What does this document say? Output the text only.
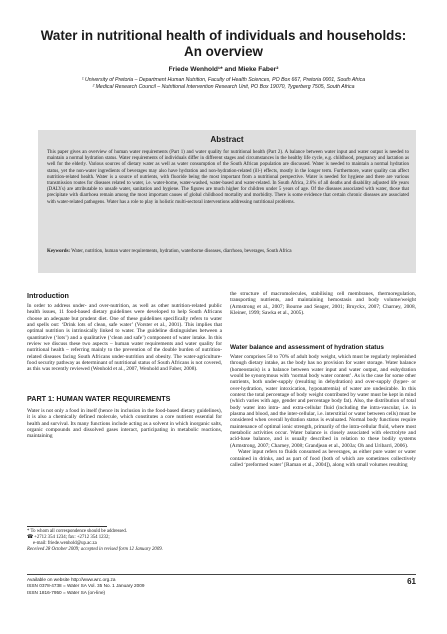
Water in nutritional health of individuals and households:
An overview
Friede Wenhold¹* and Mieke Faber²
¹ University of Pretoria – Department Human Nutrition, Faculty of Health Sciences, PO Box 667, Pretoria 0001, South Africa
² Medical Research Council – Nutritional Intervention Research Unit, PO Box 19070, Tygerberg 7505, South Africa
Abstract
This paper gives an overview of human water requirements (Part 1) and water quality for nutritional health (Part 2). A balance between water input and water output is needed to maintain a normal hydration status. Water requirements of individuals differ in different stages and circumstances in the healthy life cycle, e.g. childhood, pregnancy and lactation as well for the elderly. Various sources of dietary water as well as water consumption of the South African population are discussed. Water is needed to maintain a normal hydration status, yet the non-water ingredients of beverages may also have hydration and non-hydration-related (ill-) effects, mostly in the longer term. Furthermore, water quality can affect nutrition-related health. Water is a source of nutrients, with fluoride being the most important from a nutritional perspective. Water is needed for hygiene and there are various transmission routes for diseases related to water, i.e. water-borne, water-washed, water-based and water-related. In South Africa, 2.6% of all deaths and disability adjusted life years (DALYs) are attributable to unsafe water, sanitation and hygiene. The figures are much higher for children under 5 years of age. Of the diseases associated with water, those that precipitate with diarrhoea remain among the most important causes of global childhood mortality and morbidity. There is some evidence that certain chronic diseases are associated with water-related pathogens. Water has a role to play in holistic multi-sectoral interventions addressing nutritional problems.
Keywords: Water, nutrition, human water requirements, hydration, waterborne diseases, diarrhoea, beverages, South Africa
Introduction
In order to address under- and over-nutrition, as well as other nutrition-related public health issues, 11 food-based dietary guidelines were developed to help South Africans choose an adequate but prudent diet. One of these guidelines specifically refers to water and spells out: ‘Drink lots of clean, safe water’ (Vorster et al., 2001). This implies that optimal nutrition is intrinsically linked to water. The guideline distinguishes between a quantitative (‘lots’) and a qualitative (‘clean and safe’) component of water intake. In this review we discuss these two aspects – human water requirements and water quality for nutritional health – referring mainly to the prevention of the double burden of nutrition-related diseases facing South Africans under-nutrition and obesity. The water-agriculture-food security pathway as determinant of nutritional status of South Africans is not covered, as this was recently reviewed (Wenhold et al., 2007, Wenhold and Faber, 2008).
PART 1: HUMAN WATER REQUIREMENTS
Water is not only a food in itself (hence its inclusion in the food-based dietary guidelines), it is also a chemically defined molecule, which constitutes a core nutrient essential for health and survival. Its many functions include acting as a solvent in which inorganic salts, organic compounds and dissolved gases interact, participating in metabolic reactions, maintaining
* To whom all correspondence should be addressed.
☎ +2712 354 1234; fax: +2712 354 1232;
e-mail: friede.wenhold@up.ac.za
Received 28 October 2009; accepted in revised form 12 January 2009.
the structure of macromolecules, stabilising cell membranes, thermoregulation, transporting nutrients, and maintaining hemostasis and body volume/weight (Armstrong et al., 2007; Bourne and Seager, 2001; Bruyckx, 2007; Charney, 2008, Kleiner, 1999; Sawka et al., 2005).
Water balance and assessment of hydration status
Water comprises 50 to 70% of adult body weight, which must be regularly replenished through dietary intake, as the body has no provision for water storage. Water balance (homeostasis) is a balance between water input and water output, and euhydration would be synonymous with ‘normal body water content’. As is the case for some other nutrients, both under-supply (resulting in dehydration) and over-supply (hyper- or over-hydration, water intoxication, hyponatremia) of water are undesirable. In this context the total percentage of body weight contributed by water must be kept in mind (which varies with age, gender and percentage body fat). Also, the distribution of total body water into intra- and extra-cellular fluid (including the intra-vascular, i.e. in plasma and blood, and the inter-cellular, i.e. interstitial or water between cells) must be considered when overall hydration status is evaluated. Normal body functions require maintenance of optimal ionic strength, primarily of the intra-cellular fluid, where most metabolic activities occur. Water balance is closely associated with electrolyte and acid-base balance, and is usually described in relation to these bodily systems (Armstrong, 2007; Charney, 2008; Grandjean et al., 2003a; Oh and Uribarri, 2006).
Water input refers to fluids consumed as beverages, as either pure water or water contained in drinks, and as part of food (both of which are sometimes collectively called ‘preformed water’ [Raman et al., 2004]), along with small volumes resulting
Available on website http://www.wrc.org.za
ISSN 0378-4738 = Water SA Vol. 35 No. 1 January 2009
ISSN 1816-7950 = Water SA (on-line)
61
